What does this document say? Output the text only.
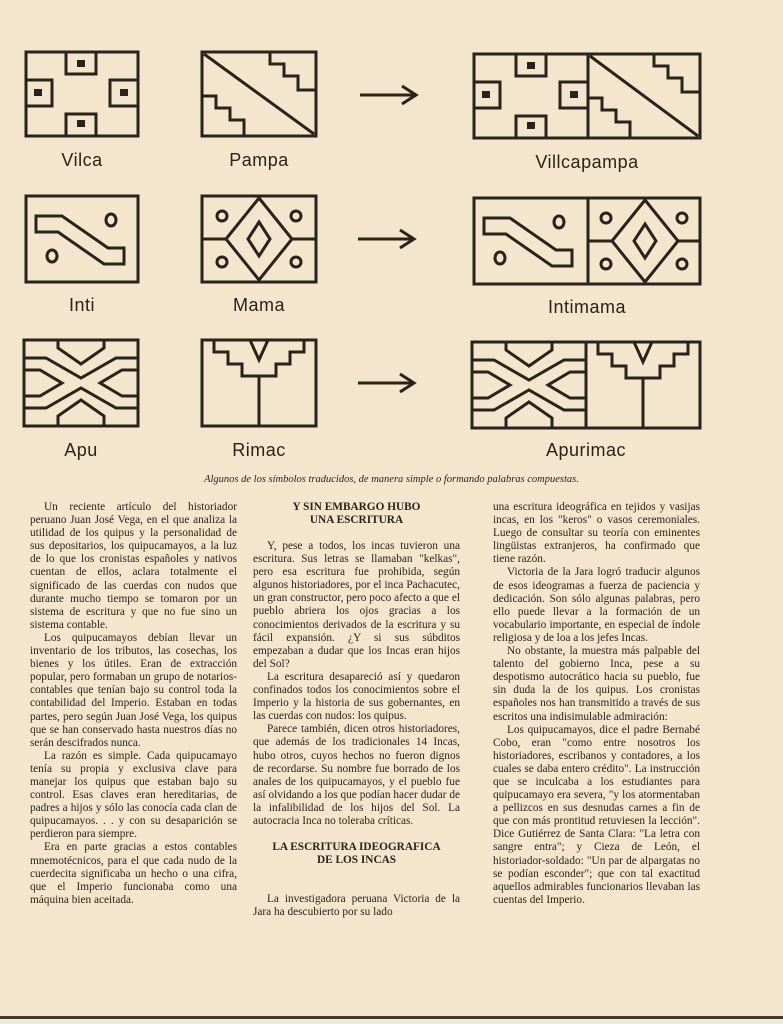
Vilca	Pampa	Villcapampa
Inti	Mama	Intimama
Apu	Rimac	Apurimac
Algunos de los símbolos traducidos, de manera simple o formando palabras compuestas.

Un reciente artículo del historiador peruano Juan José Vega, en el que analiza la utilidad de los quipus y la personalidad de sus depositarios, los quipucamayos, a la luz de lo que los cronistas españoles y nativos cuentan de ellos, aclara totalmente el significado de las cuerdas con nudos que durante mucho tiempo se tomaron por un sistema de escritura y que no fue sino un sistema contable.

Los quipucamayos debían llevar un inventario de los tributos, las cosechas, los bienes y los útiles. Eran de extracción popular, pero formaban un grupo de notarios-contables que tenían bajo su control toda la contabilidad del Imperio. Estaban en todas partes, pero según Juan José Vega, los quipus que se han conservado hasta nuestros días no serán descifrados nunca.

La razón es simple. Cada quipucamayo tenía su propia y exclusiva clave para manejar los quipus que estaban bajo su control. Esas claves eran hereditarias, de padres a hijos y sólo las conocía cada clan de quipucamayos. . . y con su desaparición se perdieron para siempre.

Era en parte gracias a estos contables mnemotécnicos, para el que cada nudo de la cuerdecita significaba un hecho o una cifra, que el Imperio funcionaba como una máquina bien aceitada.

Y SIN EMBARGO HUBO UNA ESCRITURA

Y, pese a todos, los incas tuvieron una escritura. Sus letras se llamaban "kelkas", pero esa escritura fue prohibida, según algunos historiadores, por el inca Pachacutec, un gran constructor, pero poco afecto a que el pueblo abriera los ojos gracias a los conocimientos derivados de la escritura y su fácil expansión. ¿Y si sus súbditos empezaban a dudar que los Incas eran hijos del Sol?

La escritura desapareció así y quedaron confinados todos los conocimientos sobre el Imperio y la historia de sus gobernantes, en las cuerdas con nudos: los quipus.

Parece también, dicen otros historiadores, que además de los tradicionales 14 Incas, hubo otros, cuyos hechos no fueron dignos de recordarse. Su nombre fue borrado de los anales de los quipucamayos, y el pueblo fue así olvidando a los que podían hacer dudar de la infalibilidad de los hijos del Sol. La autocracia Inca no toleraba críticas.

LA ESCRITURA IDEOGRAFICA DE LOS INCAS

La investigadora peruana Victoria de la Jara ha descubierto por su lado

una escritura ideográfica en tejidos y vasijas incas, en los "keros" o vasos ceremoniales. Luego de consultar su teoría con eminentes lingüistas extranjeros, ha confirmado que tiene razón.

Victoria de la Jara logró traducir algunos de esos ideogramas a fuerza de paciencia y dedicación. Son sólo algunas palabras, pero ello puede llevar a la formación de un vocabulario importante, en especial de índole religiosa y de loa a los jefes Incas.

No obstante, la muestra más palpable del talento del gobierno Inca, pese a su despotismo autocrático hacia su pueblo, fue sin duda la de los quipus. Los cronistas españoles nos han transmitido a través de sus escritos una indisimulable admiración:

Los quipucamayos, dice el padre Bernabé Cobo, eran "como entre nosotros los historiadores, escribanos y contadores, a los cuales se daba entero crédito". La instrucción que se inculcaba a los estudiantes para quipucamayo era severa, "y los atormentaban a pellizcos en sus desnudas carnes a fin de que con más prontitud retuviesen la lección". Dice Gutiérrez de Santa Clara: "La letra con sangre entra"; y Cieza de León, el historiador-soldado: "Un par de alpargatas no se podían esconder"; que con tal exactitud aquellos admirables funcionarios llevaban las cuentas del Imperio.
